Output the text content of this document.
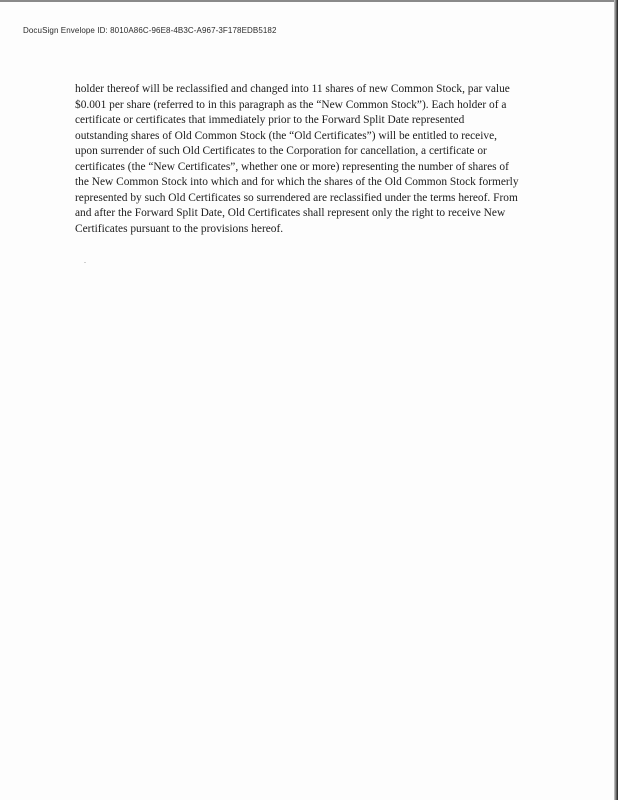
DocuSign Envelope ID: 8010A86C-96E8-4B3C-A967-3F178EDB5182

holder thereof will be reclassified and changed into 11 shares of new Common Stock, par value
$0.001 per share (referred to in this paragraph as the “New Common Stock”). Each holder of a
certificate or certificates that immediately prior to the Forward Split Date represented
outstanding shares of Old Common Stock (the “Old Certificates”) will be entitled to receive,
upon surrender of such Old Certificates to the Corporation for cancellation, a certificate or
certificates (the “New Certificates”, whether one or more) representing the number of shares of
the New Common Stock into which and for which the shares of the Old Common Stock formerly
represented by such Old Certificates so surrendered are reclassified under the terms hereof. From
and after the Forward Split Date, Old Certificates shall represent only the right to receive New
Certificates pursuant to the provisions hereof.
